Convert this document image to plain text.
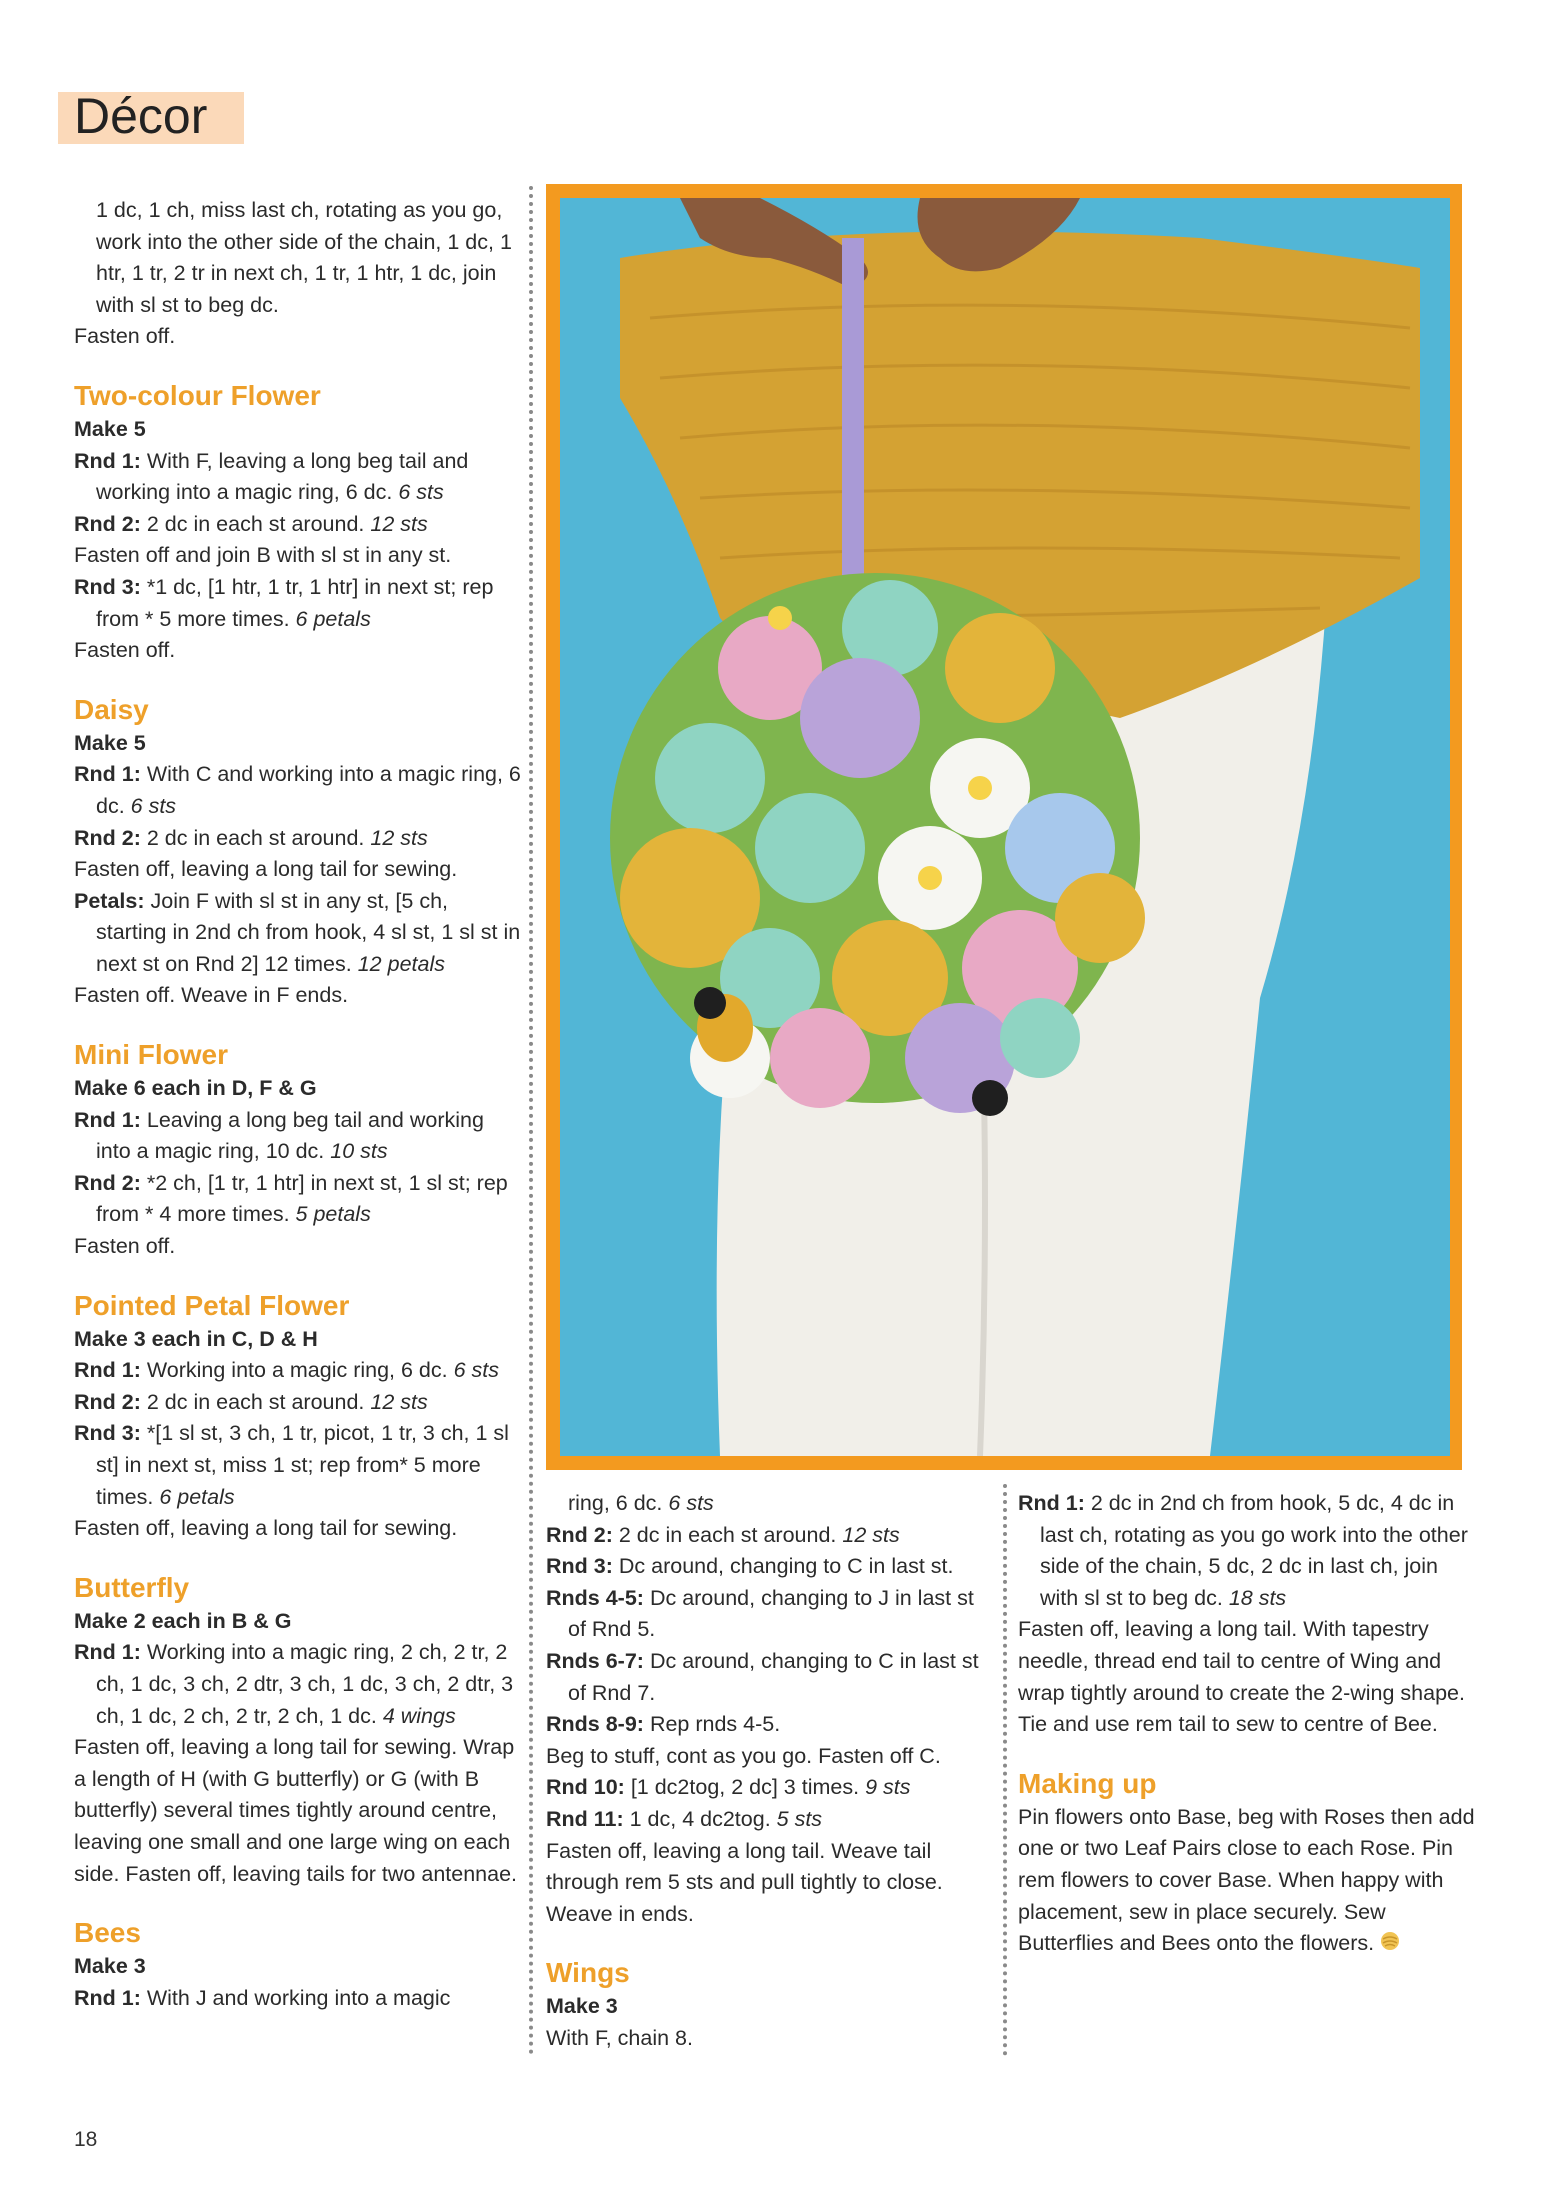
Décor
1 dc, 1 ch, miss last ch, rotating as you go, work into the other side of the chain, 1 dc, 1 htr, 1 tr, 2 tr in next ch, 1 tr, 1 htr, 1 dc, join with sl st to beg dc.
Fasten off.
Two-colour Flower
Make 5
Rnd 1: With F, leaving a long beg tail and working into a magic ring, 6 dc. 6 sts
Rnd 2: 2 dc in each st around. 12 sts
Fasten off and join B with sl st in any st.
Rnd 3: *1 dc, [1 htr, 1 tr, 1 htr] in next st; rep from * 5 more times. 6 petals
Fasten off.
Daisy
Make 5
Rnd 1: With C and working into a magic ring, 6 dc. 6 sts
Rnd 2: 2 dc in each st around. 12 sts
Fasten off, leaving a long tail for sewing.
Petals: Join F with sl st in any st, [5 ch, starting in 2nd ch from hook, 4 sl st, 1 sl st in next st on Rnd 2] 12 times. 12 petals
Fasten off. Weave in F ends.
Mini Flower
Make 6 each in D, F & G
Rnd 1: Leaving a long beg tail and working into a magic ring, 10 dc. 10 sts
Rnd 2: *2 ch, [1 tr, 1 htr] in next st, 1 sl st; rep from * 4 more times. 5 petals
Fasten off.
Pointed Petal Flower
Make 3 each in C, D & H
Rnd 1: Working into a magic ring, 6 dc. 6 sts
Rnd 2: 2 dc in each st around. 12 sts
Rnd 3: *[1 sl st, 3 ch, 1 tr, picot, 1 tr, 3 ch, 1 sl st] in next st, miss 1 st; rep from* 5 more times. 6 petals
Fasten off, leaving a long tail for sewing.
Butterfly
Make 2 each in B & G
Rnd 1: Working into a magic ring, 2 ch, 2 tr, 2 ch, 1 dc, 3 ch, 2 dtr, 3 ch, 1 dc, 3 ch, 2 dtr, 3 ch, 1 dc, 2 ch, 2 tr, 2 ch, 1 dc. 4 wings
Fasten off, leaving a long tail for sewing. Wrap a length of H (with G butterfly) or G (with B butterfly) several times tightly around centre, leaving one small and one large wing on each side. Fasten off, leaving tails for two antennae.
Bees
Make 3
Rnd 1: With J and working into a magic
ring, 6 dc. 6 sts
Rnd 2: 2 dc in each st around. 12 sts
Rnd 3: Dc around, changing to C in last st.
Rnds 4-5: Dc around, changing to J in last st of Rnd 5.
Rnds 6-7: Dc around, changing to C in last st of Rnd 7.
Rnds 8-9: Rep rnds 4-5.
Beg to stuff, cont as you go. Fasten off C.
Rnd 10: [1 dc2tog, 2 dc] 3 times. 9 sts
Rnd 11: 1 dc, 4 dc2tog. 5 sts
Fasten off, leaving a long tail. Weave tail through rem 5 sts and pull tightly to close. Weave in ends.
Wings
Make 3
With F, chain 8.
Rnd 1: 2 dc in 2nd ch from hook, 5 dc, 4 dc in last ch, rotating as you go work into the other side of the chain, 5 dc, 2 dc in last ch, join with sl st to beg dc. 18 sts
Fasten off, leaving a long tail. With tapestry needle, thread end tail to centre of Wing and wrap tightly around to create the 2-wing shape. Tie and use rem tail to sew to centre of Bee.
Making up
Pin flowers onto Base, beg with Roses then add one or two Leaf Pairs close to each Rose. Pin rem flowers to cover Base. When happy with placement, sew in place securely. Sew Butterflies and Bees onto the flowers.
18
